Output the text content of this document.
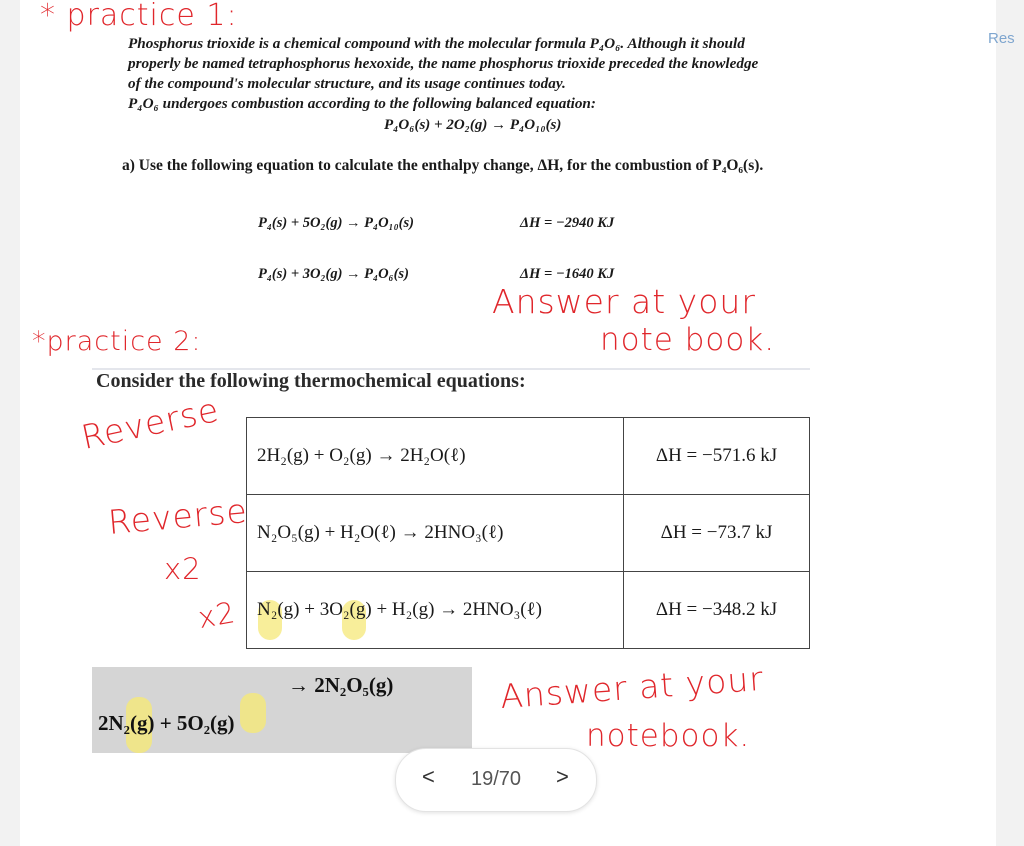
Res
* practice 1:

Phosphorus trioxide is a chemical compound with the molecular formula P₄O₆. Although it should

properly be named tetraphosphorus hexoxide, the name phosphorus trioxide preceded the knowledge

of the compound's molecular structure, and its usage continues today.

P₄O₆ undergoes combustion according to the following balanced equation:

P₄O₆(s) + 2O₂(g) → P₄O₁₀(s)
a) Use the following equation to calculate the enthalpy change, ΔH, for the combustion of P₄O₆(s).
P₄(s) + 5O₂(g) → P₄O₁₀(s)	ΔH = −2940 KJ
P₄(s) + 3O₂(g) → P₄O₆(s)	ΔH = −1640 KJ
Answer at your
note book.
*practice 2:
Consider the following thermochemical equations:
Reverse
Reverse
x2
x2
2H₂(g) + O₂(g) → 2H₂O(ℓ)	ΔH = −571.6 kJ
N₂O₅(g) + H₂O(ℓ) → 2HNO₃(ℓ)	ΔH = −73.7 kJ
N₂(g) + 3O₂(g) + H₂(g) → 2HNO₃(ℓ)	ΔH = −348.2 kJ
2N₂(g) + 5O₂(g)
→ 2N₂O₅(g)	Answer at your
notebook.
<	19/70	>
